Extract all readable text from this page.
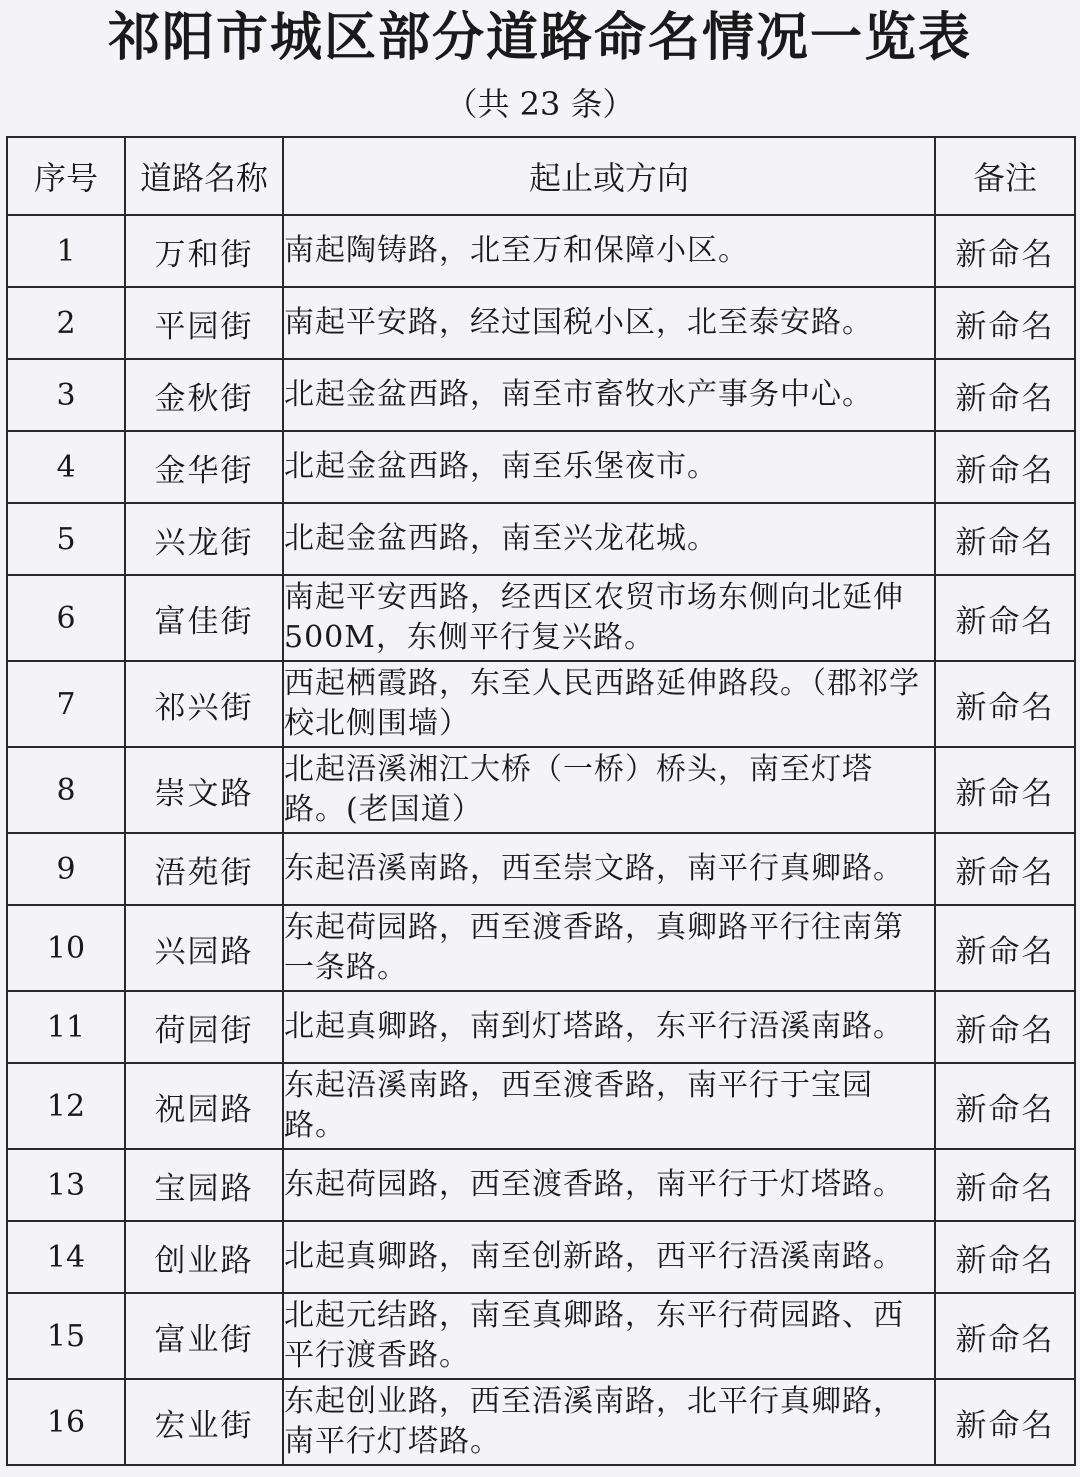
祁阳市城区部分道路命名情况一览表
（共 23 条）
序号	道路名称	起止或方向	备注
1	万和街	南起陶铸路，北至万和保障小区。	新命名
2	平园街	南起平安路，经过国税小区，北至泰安路。	新命名
3	金秋街	北起金盆西路，南至市畜牧水产事务中心。	新命名
4	金华街	北起金盆西路，南至乐堡夜市。	新命名
5	兴龙街	北起金盆西路，南至兴龙花城。	新命名
6	富佳街	南起平安西路，经西区农贸市场东侧向北延伸 500M，东侧平行复兴路。	新命名
7	祁兴街	西起栖霞路，东至人民西路延伸路段。（郡祁学校北侧围墙）	新命名
8	崇文路	北起浯溪湘江大桥（一桥）桥头，南至灯塔路。(老国道）	新命名
9	浯苑街	东起浯溪南路，西至崇文路，南平行真卿路。	新命名
10	兴园路	东起荷园路，西至渡香路，真卿路平行往南第一条路。	新命名
11	荷园街	北起真卿路，南到灯塔路，东平行浯溪南路。	新命名
12	祝园路	东起浯溪南路，西至渡香路，南平行于宝园路。	新命名
13	宝园路	东起荷园路，西至渡香路，南平行于灯塔路。	新命名
14	创业路	北起真卿路，南至创新路，西平行浯溪南路。	新命名
15	富业街	北起元结路，南至真卿路，东平行荷园路、西平行渡香路。	新命名
16	宏业街	东起创业路，西至浯溪南路，北平行真卿路，南平行灯塔路。	新命名
